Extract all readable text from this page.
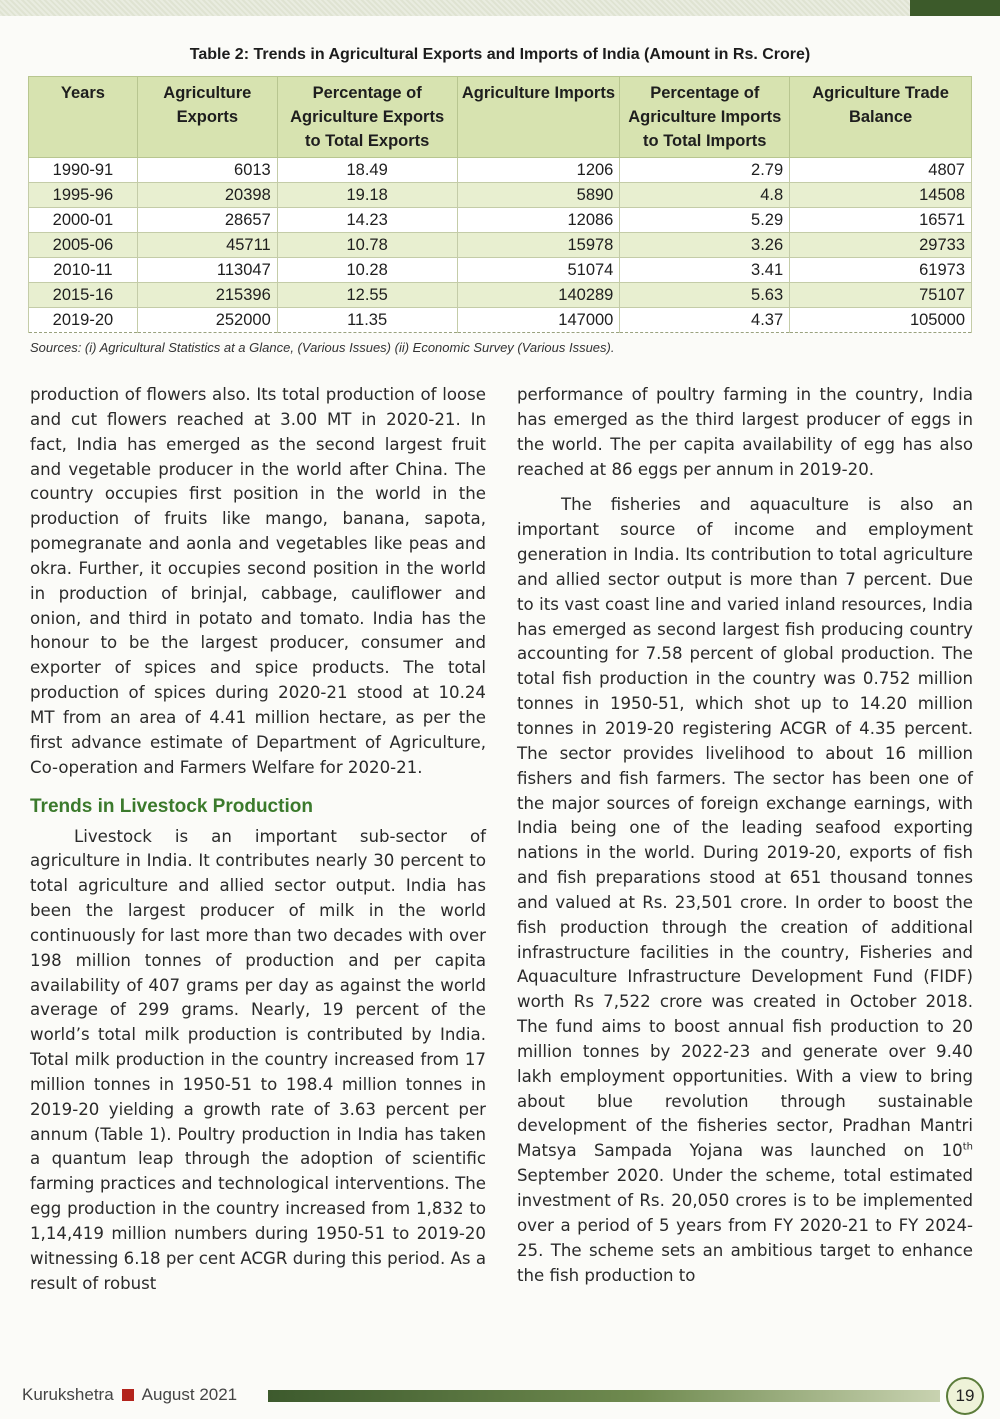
Table 2: Trends in Agricultural Exports and Imports of India (Amount in Rs. Crore)
Years	Agriculture Exports	Percentage of Agriculture Exports to Total Exports	Agriculture Imports	Percentage of Agriculture Imports to Total Imports	Agriculture Trade Balance
1990-91	6013	18.49	1206	2.79	4807
1995-96	20398	19.18	5890	4.8	14508
2000-01	28657	14.23	12086	5.29	16571
2005-06	45711	10.78	15978	3.26	29733
2010-11	113047	10.28	51074	3.41	61973
2015-16	215396	12.55	140289	5.63	75107
2019-20	252000	11.35	147000	4.37	105000
Sources: (i) Agricultural Statistics at a Glance, (Various Issues) (ii) Economic Survey (Various Issues).

production of flowers also. Its total production of loose and cut flowers reached at 3.00 MT in 2020-21. In fact, India has emerged as the second largest fruit and vegetable producer in the world after China. The country occupies first position in the world in the production of fruits like mango, banana, sapota, pomegranate and aonla and vegetables like peas and okra. Further, it occupies second position in the world in production of brinjal, cabbage, cauliflower and onion, and third in potato and tomato. India has the honour to be the largest producer, consumer and exporter of spices and spice products. The total production of spices during 2020-21 stood at 10.24 MT from an area of 4.41 million hectare, as per the first advance estimate of Department of Agriculture, Co-operation and Farmers Welfare for 2020-21.

Trends in Livestock Production

Livestock is an important sub-sector of agriculture in India. It contributes nearly 30 percent to total agriculture and allied sector output. India has been the largest producer of milk in the world continuously for last more than two decades with over 198 million tonnes of production and per capita availability of 407 grams per day as against the world average of 299 grams. Nearly, 19 percent of the world’s total milk production is contributed by India. Total milk production in the country increased from 17 million tonnes in 1950-51 to 198.4 million tonnes in 2019-20 yielding a growth rate of 3.63 percent per annum (Table 1). Poultry production in India has taken a quantum leap through the adoption of scientific farming practices and technological interventions. The egg production in the country increased from 1,832 to 1,14,419 million numbers during 1950-51 to 2019-20 witnessing 6.18 per cent ACGR during this period. As a result of robust

performance of poultry farming in the country, India has emerged as the third largest producer of eggs in the world. The per capita availability of egg has also reached at 86 eggs per annum in 2019-20.

The fisheries and aquaculture is also an important source of income and employment generation in India. Its contribution to total agriculture and allied sector output is more than 7 percent. Due to its vast coast line and varied inland resources, India has emerged as second largest fish producing country accounting for 7.58 percent of global production. The total fish production in the country was 0.752 million tonnes in 1950-51, which shot up to 14.20 million tonnes in 2019-20 registering ACGR of 4.35 percent. The sector provides livelihood to about 16 million fishers and fish farmers. The sector has been one of the major sources of foreign exchange earnings, with India being one of the leading seafood exporting nations in the world. During 2019-20, exports of fish and fish preparations stood at 651 thousand tonnes and valued at Rs. 23,501 crore. In order to boost the fish production through the creation of additional infrastructure facilities in the country, Fisheries and Aquaculture Infrastructure Development Fund (FIDF) worth Rs 7,522 crore was created in October 2018. The fund aims to boost annual fish production to 20 million tonnes by 2022-23 and generate over 9.40 lakh employment opportunities. With a view to bring about blue revolution through sustainable development of the fisheries sector, Pradhan Mantri Matsya Sampada Yojana was launched on 10th September 2020. Under the scheme, total estimated investment of Rs. 20,050 crores is to be implemented over a period of 5 years from FY 2020-21 to FY 2024-25. The scheme sets an ambitious target to enhance the fish production to

Kurukshetra August 2021	19
